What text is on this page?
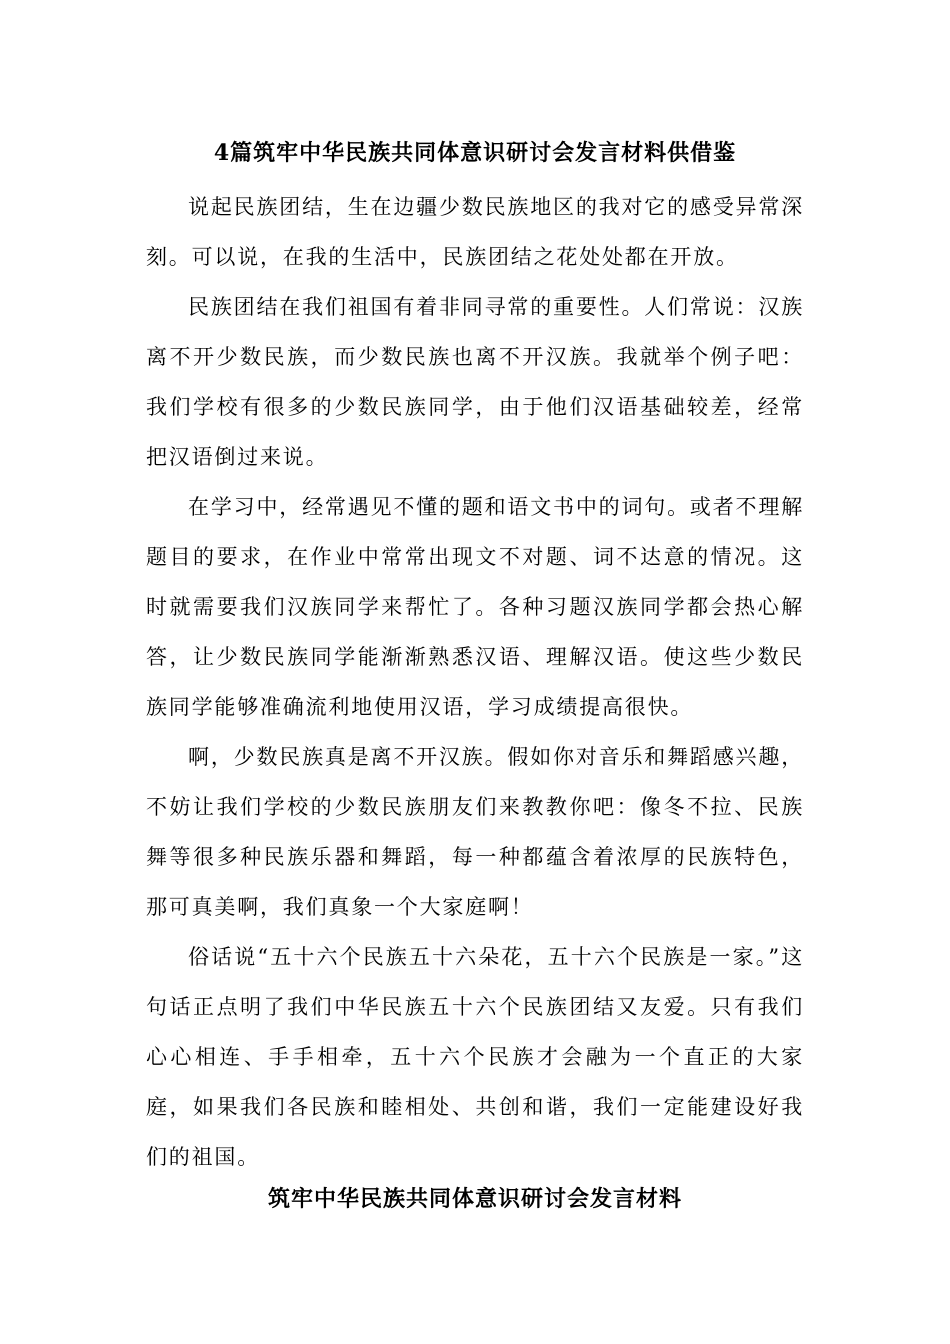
4篇筑牢中华民族共同体意识研讨会发言材料供借鉴

说起民族团结，生在边疆少数民族地区的我对它的感受异常深刻。可以说，在我的生活中，民族团结之花处处都在开放。

民族团结在我们祖国有着非同寻常的重要性。人们常说：汉族离不开少数民族，而少数民族也离不开汉族。我就举个例子吧：我们学校有很多的少数民族同学，由于他们汉语基础较差，经常把汉语倒过来说。

在学习中，经常遇见不懂的题和语文书中的词句。或者不理解题目的要求，在作业中常常出现文不对题、词不达意的情况。这时就需要我们汉族同学来帮忙了。各种习题汉族同学都会热心解答，让少数民族同学能渐渐熟悉汉语、理解汉语。使这些少数民族同学能够准确流利地使用汉语，学习成绩提高很快。

啊，少数民族真是离不开汉族。假如你对音乐和舞蹈感兴趣，不妨让我们学校的少数民族朋友们来教教你吧：像冬不拉、民族舞等很多种民族乐器和舞蹈，每一种都蕴含着浓厚的民族特色，那可真美啊，我们真象一个大家庭啊！

俗话说“五十六个民族五十六朵花，五十六个民族是一家。”这句话正点明了我们中华民族五十六个民族团结又友爱。只有我们心心相连、手手相牵，五十六个民族才会融为一个直正的大家庭，如果我们各民族和睦相处、共创和谐，我们一定能建设好我们的祖国。

筑牢中华民族共同体意识研讨会发言材料
